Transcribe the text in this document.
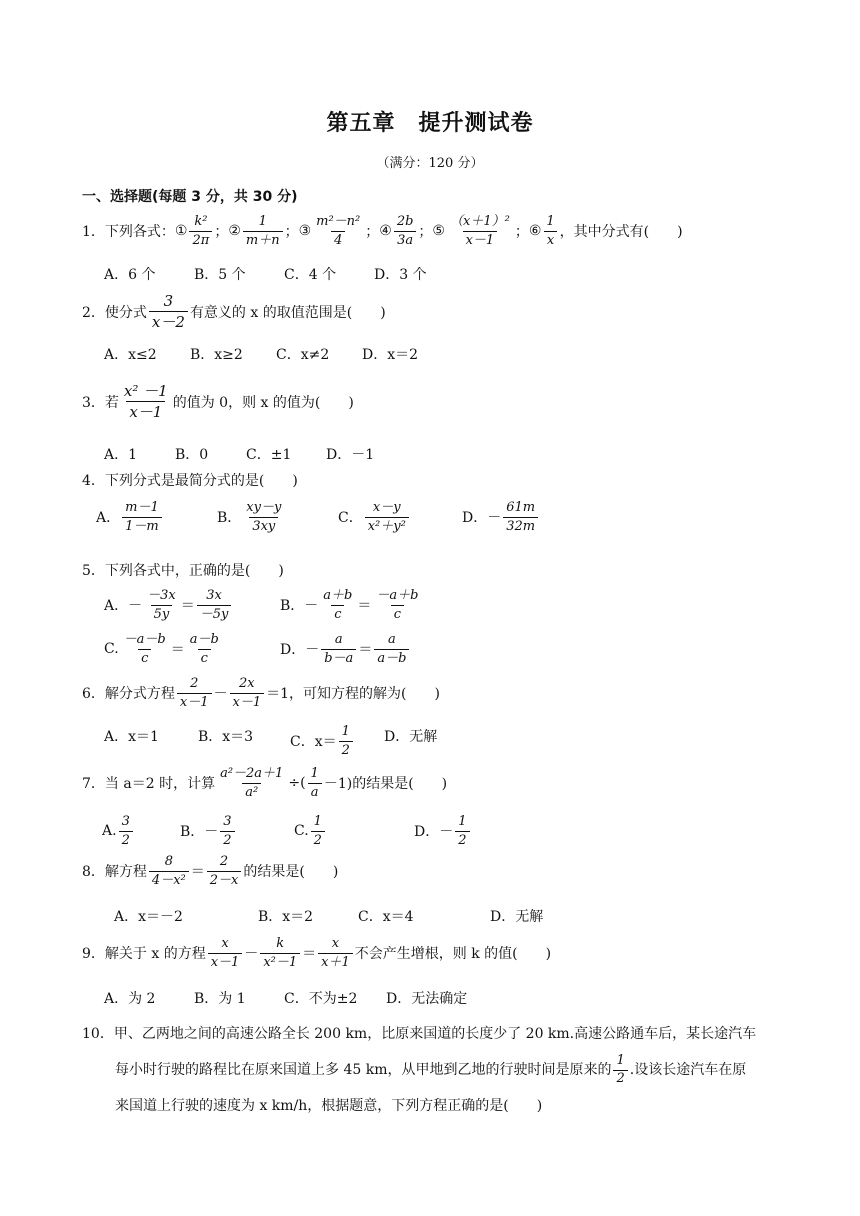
第五章　提升测试卷
（满分：120 分）
一、选择题(每题 3 分，共 30 分)
1． 下列各式： ① $\frac{\text{k²}}{2\pi}$ ； ② $\frac{1}{m+n}$ ； ③ $\frac{\text{m²－n²}}{4}$ ； ④ $\frac{2b}{3a}$ ； ⑤ $\frac{\text{（x＋1）²}}{x-1}$ ； ⑥ $\frac{1}{x}$ ，其中分式有(　　)
A．6 个	B．5 个	C．4 个	D．3 个
2． 使分式 $\frac{3}{x-2}$ 有意义的 x 的取值范围是(　　)
A．x≤2 B．x≥2 C．x≠2 D．x＝2
3． 若 $\frac{\text{x² －1}}{x-1}$ 的值为 0，则 x 的值为(　　)
A．1	B．0	C．±1 D．－1
4． 下列分式是最简分式的是(　　)
A． $\frac{m-1}{1-m}$	B． $\frac{xy-y}{3xy}$	C． $\frac{x-y}{\text{x²＋y²}}$	D． － $\frac{61m}{32m}$
5． 下列各式中，正确的是(　　)
A． － $\frac{-3x}{5y} = \frac{3x}{-5y}$	B． － $\frac{a+b}{c} = \frac{-a+b}{c}$
C. $\frac{-a-b}{c} = \frac{a-b}{c}$	D． － $\frac{a}{b-a} = \frac{a}{a-b}$
6． 解分式方程 $\frac{2}{x-1} - \frac{2x}{x-1} =1$，可知方程的解为(　　)
A．x＝1	B．x＝3	C．$x= \frac{1}{2}$ D．无解
7． 当 a＝2 时，计算 $\frac{\text{a²－2a＋1}}{\text{a²}}$ ÷( $\frac{1}{a} -1$)的结果是(　　)
A. $\frac{3}{2}$	B． － $\frac{3}{2}$	C. $\frac{1}{2}$	D． － $\frac{1}{2}$
8． 解方程 $\frac{8}{\text{4－x²}} = \frac{2}{2-x}$ 的结果是(　　)
A．x＝－2	B．x＝2	C．x＝4	D．无解
9． 解关于 x 的方程 $\frac{x}{x-1} - \frac{k}{\text{x²－1}} = \frac{x}{x+1}$ 不会产生增根，则 k 的值(　　)
A．为 2	B．为 1	C．不为±2 D．无法确定
10．甲、乙两地之间的高速公路全长 200 km，比原来国道的长度少了 20 km.高速公路通车后，某长途汽车
每小时行驶的路程比在原来国道上多 45 km，从甲地到乙地的行驶时间是原来的 $\frac{1}{2}$ .设该长途汽车在原
来国道上行驶的速度为 x km/h，根据题意，下列方程正确的是(　　)
